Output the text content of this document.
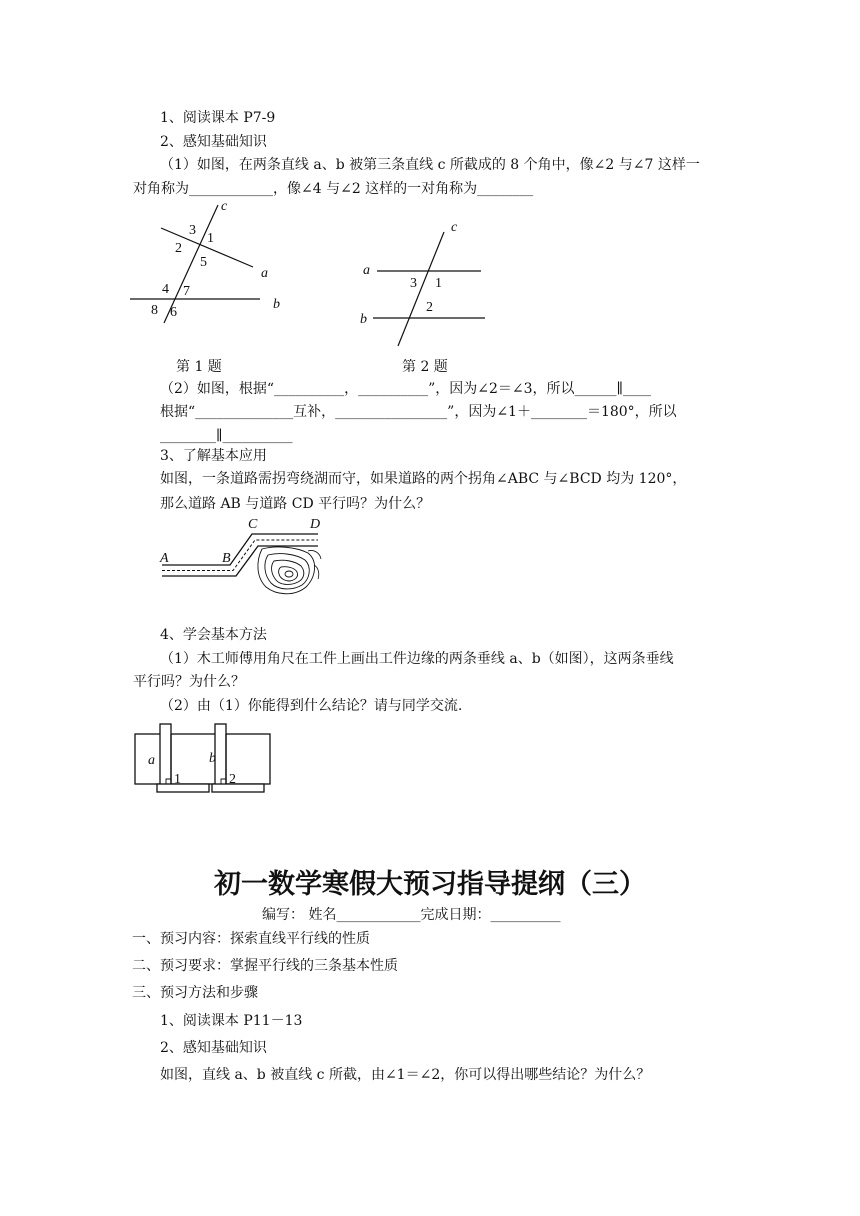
1、阅读课本 P7-9
2、感知基础知识
（1）如图，在两条直线 a、b 被第三条直线 c 所截成的 8 个角中，像∠2 与∠7 这样一
对角称为____________，像∠4 与∠2 这样的一对角称为________
c
a
b
3
1
2
5
4 7
8 6
第 1 题
c
a
b
3 1
2
第 2 题
（2）如图，根据“__________，__________”，因为∠2＝∠3，所以______∥____
根据“______________互补，________________”，因为∠1＋________＝180°，所以
________∥__________
3、了解基本应用
如图，一条道路需拐弯绕湖而守，如果道路的两个拐角∠ABC 与∠BCD 均为 120°，
那么道路 AB 与道路 CD 平行吗？为什么？
A	B
C	D
4、学会基本方法
（1）木工师傅用角尺在工件上画出工件边缘的两条垂线 a、b（如图），这两条垂线
平行吗？为什么？
（2）由（1）你能得到什么结论？请与同学交流.
a	b
1	2
初一数学寒假大预习指导提纲（三）
编写： 姓名____________完成日期：__________
一、预习内容：探索直线平行线的性质
二、预习要求：掌握平行线的三条基本性质
三、预习方法和步骤
1、阅读课本 P11－13
2、感知基础知识
如图，直线 a、b 被直线 c 所截，由∠1＝∠2，你可以得出哪些结论？为什么？
